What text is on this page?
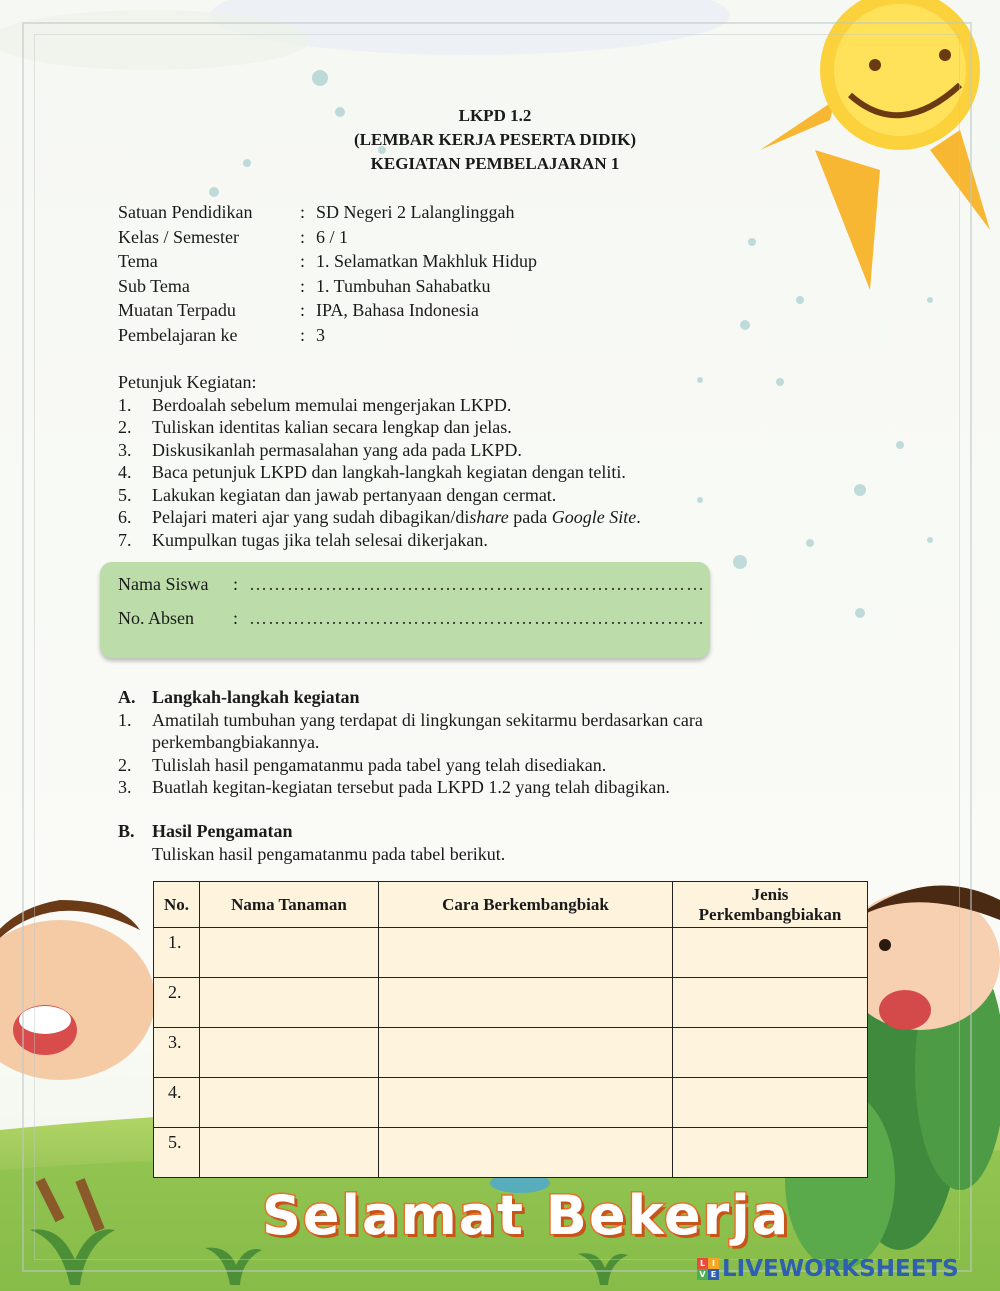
LKPD 1.2
(LEMBAR KERJA PESERTA DIDIK)
KEGIATAN PEMBELAJARAN 1
Satuan Pendidikan	: SD Negeri 2 Lalanglinggah
Kelas / Semester	: 6 / 1
Tema	: 1. Selamatkan Makhluk Hidup
Sub Tema	: 1. Tumbuhan Sahabatku
Muatan Terpadu	: IPA, Bahasa Indonesia
Pembelajaran ke	: 3
Petunjuk Kegiatan:
1.	Berdoalah sebelum memulai mengerjakan LKPD.
2.	Tuliskan identitas kalian secara lengkap dan jelas.
3.	Diskusikanlah permasalahan yang ada pada LKPD.
4.	Baca petunjuk LKPD dan langkah-langkah kegiatan dengan teliti.
5.	Lakukan kegiatan dan jawab pertanyaan dengan cermat.
6.	Pelajari materi ajar yang sudah dibagikan/dishare pada Google Site.
7.	Kumpulkan tugas jika telah selesai dikerjakan.
Nama Siswa	: ………………………………………………………………
No. Absen	: ………………………………………………………………
A. Langkah-langkah kegiatan
1.	Amatilah tumbuhan yang terdapat di lingkungan sekitarmu berdasarkan cara perkembangbiakannya.
2.	Tulislah hasil pengamatanmu pada tabel yang telah disediakan.
3.	Buatlah kegitan-kegiatan tersebut pada LKPD 1.2 yang telah dibagikan.
B. Hasil Pengamatan
Tuliskan hasil pengamatanmu pada tabel berikut.
No.	Nama Tanaman	Cara Berkembangbiak	Jenis
Perkembangbiakan

1.			
2.			
3.			
4.			
5.			
Selamat Bekerja
L I
V E LIVEWORKSHEETS
